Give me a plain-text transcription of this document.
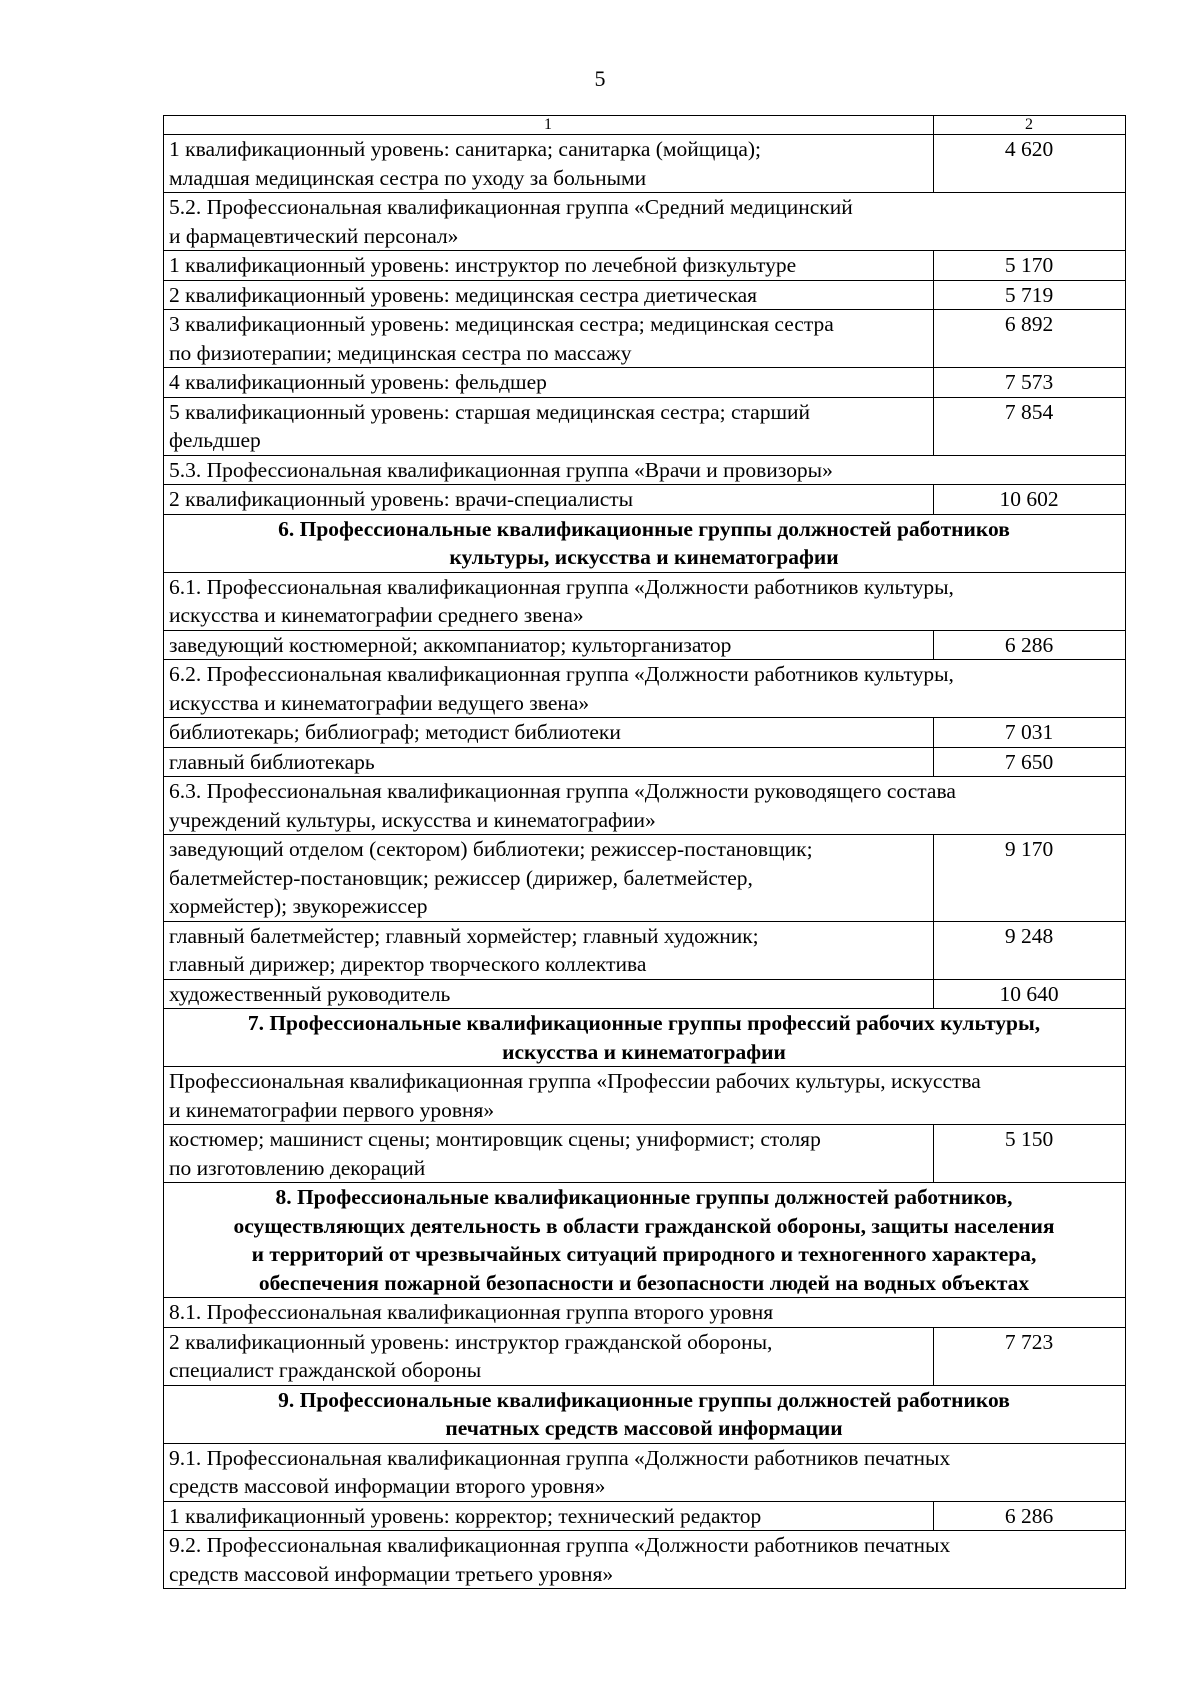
5
1	2
1 квалификационный уровень: санитарка; санитарка (мойщица);
младшая медицинская сестра по уходу за больными	4 620
5.2. Профессиональная квалификационная группа «Средний медицинский
и фармацевтический персонал»	
1 квалификационный уровень: инструктор по лечебной физкультуре	5 170
2 квалификационный уровень: медицинская сестра диетическая	5 719
3 квалификационный уровень: медицинская сестра; медицинская сестра
по физиотерапии; медицинская сестра по массажу	6 892
4 квалификационный уровень: фельдшер	7 573
5 квалификационный уровень: старшая медицинская сестра; старший
фельдшер	7 854
5.3. Профессиональная квалификационная группа «Врачи и провизоры»	
2 квалификационный уровень: врачи-специалисты	10 602
6. Профессиональные квалификационные группы должностей работников
культуры, искусства и кинематографии	
6.1. Профессиональная квалификационная группа «Должности работников культуры,
искусства и кинематографии среднего звена»	
заведующий костюмерной; аккомпаниатор; культорганизатор	6 286
6.2. Профессиональная квалификационная группа «Должности работников культуры,
искусства и кинематографии ведущего звена»	
библиотекарь; библиограф; методист библиотеки	7 031
главный библиотекарь	7 650
6.3. Профессиональная квалификационная группа «Должности руководящего состава
учреждений культуры, искусства и кинематографии»	
заведующий отделом (сектором) библиотеки; режиссер-постановщик;
балетмейстер-постановщик; режиссер (дирижер, балетмейстер,
хормейстер); звукорежиссер	9 170
главный балетмейстер; главный хормейстер; главный художник;
главный дирижер; директор творческого коллектива	9 248
художественный руководитель	10 640
7. Профессиональные квалификационные группы профессий рабочих культуры,
искусства и кинематографии	
Профессиональная квалификационная группа «Профессии рабочих культуры, искусства
и кинематографии первого уровня»	
костюмер; машинист сцены; монтировщик сцены; униформист; столяр
по изготовлению декораций	5 150
8. Профессиональные квалификационные группы должностей работников,
осуществляющих деятельность в области гражданской обороны, защиты населения
и территорий от чрезвычайных ситуаций природного и техногенного характера,
обеспечения пожарной безопасности и безопасности людей на водных объектах	
8.1. Профессиональная квалификационная группа второго уровня	
2 квалификационный уровень: инструктор гражданской обороны,
специалист гражданской обороны	7 723
9. Профессиональные квалификационные группы должностей работников
печатных средств массовой информации	
9.1. Профессиональная квалификационная группа «Должности работников печатных
средств массовой информации второго уровня»	
1 квалификационный уровень: корректор; технический редактор	6 286
9.2. Профессиональная квалификационная группа «Должности работников печатных
средств массовой информации третьего уровня»	
